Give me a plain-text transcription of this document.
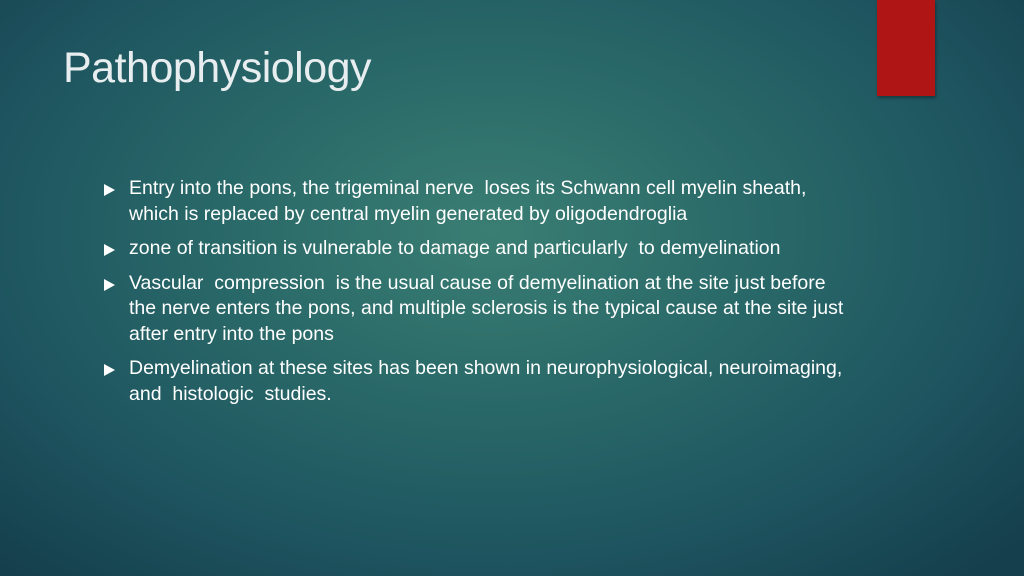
Pathophysiology
Entry into the pons, the trigeminal nerve  loses its Schwann cell myelin sheath, which is replaced by central myelin generated by oligodendroglia
zone of transition is vulnerable to damage and particularly  to demyelination
Vascular  compression  is the usual cause of demyelination at the site just before the nerve enters the pons, and multiple sclerosis is the typical cause at the site just after entry into the pons
Demyelination at these sites has been shown in neurophysiological, neuroimaging,  and  histologic  studies.
